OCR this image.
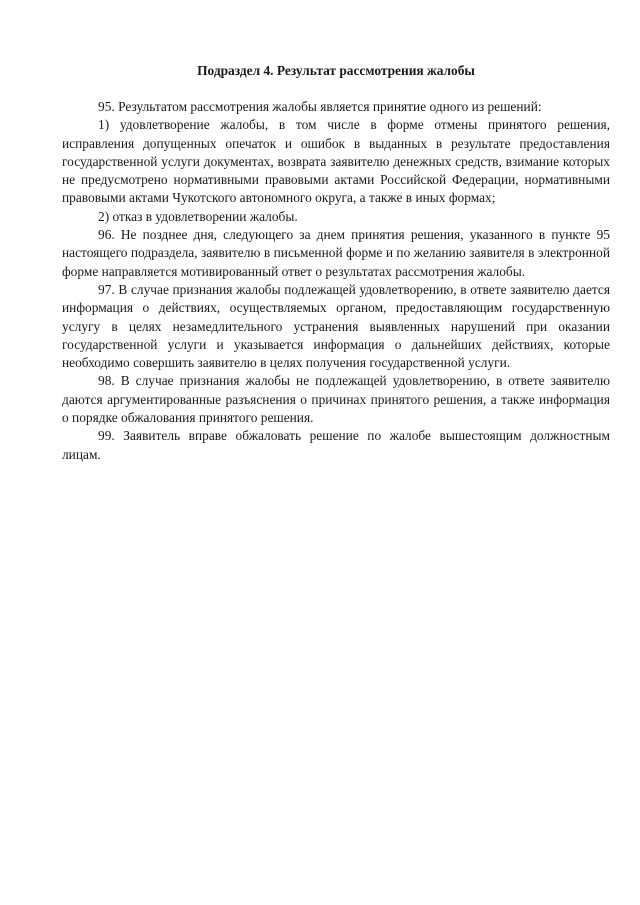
Подраздел 4. Результат рассмотрения жалобы

95. Результатом рассмотрения жалобы является принятие одного из решений:

1) удовлетворение жалобы, в том числе в форме отмены принятого решения, исправления допущенных опечаток и ошибок в выданных в результате предоставления государственной услуги документах, возврата заявителю денежных средств, взимание которых не предусмотрено нормативными правовыми актами Российской Федерации, нормативными правовыми актами Чукотского автономного округа, а также в иных формах;

2) отказ в удовлетворении жалобы.

96. Не позднее дня, следующего за днем принятия решения, указанного в пункте 95 настоящего подраздела, заявителю в письменной форме и по желанию заявителя в электронной форме направляется мотивированный ответ о результатах рассмотрения жалобы.

97. В случае признания жалобы подлежащей удовлетворению, в ответе заявителю дается информация о действиях, осуществляемых органом, предоставляющим государственную услугу в целях незамедлительного устранения выявленных нарушений при оказании государственной услуги и указывается информация о дальнейших действиях, которые необходимо совершить заявителю в целях получения государственной услуги.

98. В случае признания жалобы не подлежащей удовлетворению, в ответе заявителю даются аргументированные разъяснения о причинах принятого решения, а также информация о порядке обжалования принятого решения.

99. Заявитель вправе обжаловать решение по жалобе вышестоящим должностным лицам.
